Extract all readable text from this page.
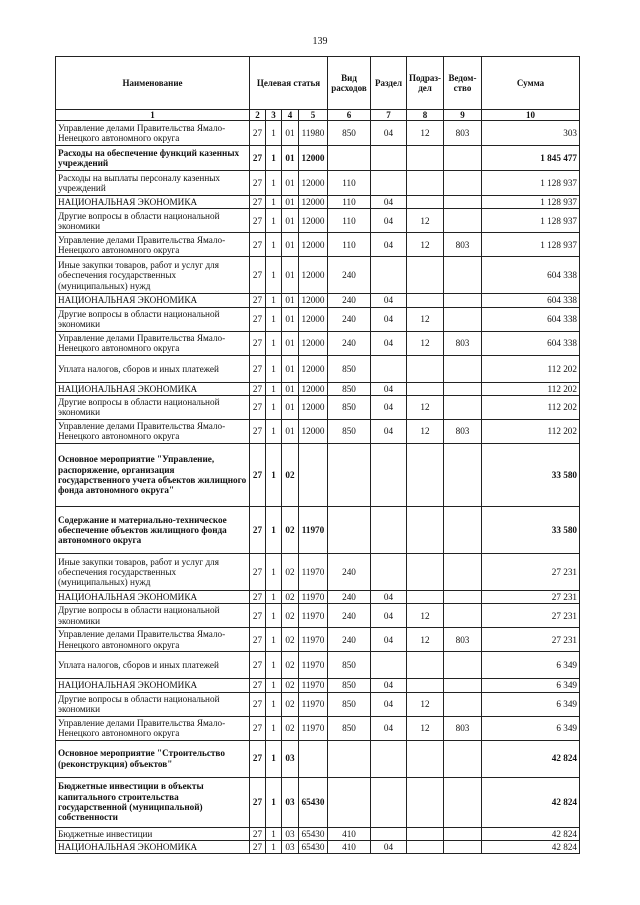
139
Наименование	Целевая статья				Вид расходов	Раздел	Подраз-дел	Ведом-ство	Сумма
1	2	3	4	5	6	7	8	9	10
Управление делами Правительства Ямало-Ненецкого автономного округа	27	1	01	11980	850	04	12	803	303
Расходы на обеспечение функций казенных учреждений	27	1	01	12000					1 845 477
Расходы на выплаты персоналу казенных учреждений	27	1	01	12000	110				1 128 937
НАЦИОНАЛЬНАЯ ЭКОНОМИКА	27	1	01	12000	110	04			1 128 937
Другие вопросы в области национальной экономики	27	1	01	12000	110	04	12		1 128 937
Управление делами Правительства Ямало-Ненецкого автономного округа	27	1	01	12000	110	04	12	803	1 128 937
Иные закупки товаров, работ и услуг для обеспечения государственных (муниципальных) нужд	27	1	01	12000	240				604 338
НАЦИОНАЛЬНАЯ ЭКОНОМИКА	27	1	01	12000	240	04			604 338
Другие вопросы в области национальной экономики	27	1	01	12000	240	04	12		604 338
Управление делами Правительства Ямало-Ненецкого автономного округа	27	1	01	12000	240	04	12	803	604 338
Уплата налогов, сборов и иных платежей	27	1	01	12000	850				112 202
НАЦИОНАЛЬНАЯ ЭКОНОМИКА	27	1	01	12000	850	04			112 202
Другие вопросы в области национальной экономики	27	1	01	12000	850	04	12		112 202
Управление делами Правительства Ямало-Ненецкого автономного округа	27	1	01	12000	850	04	12	803	112 202
Основное мероприятие "Управление, распоряжение, организация государственного учета объектов жилищного фонда автономного округа"	27	1	02						33 580
Содержание и материально-техническое обеспечение объектов жилищного фонда автономного округа	27	1	02	11970					33 580
Иные закупки товаров, работ и услуг для обеспечения государственных (муниципальных) нужд	27	1	02	11970	240				27 231
НАЦИОНАЛЬНАЯ ЭКОНОМИКА	27	1	02	11970	240	04			27 231
Другие вопросы в области национальной экономики	27	1	02	11970	240	04	12		27 231
Управление делами Правительства Ямало-Ненецкого автономного округа	27	1	02	11970	240	04	12	803	27 231
Уплата налогов, сборов и иных платежей	27	1	02	11970	850				6 349
НАЦИОНАЛЬНАЯ ЭКОНОМИКА	27	1	02	11970	850	04			6 349
Другие вопросы в области национальной экономики	27	1	02	11970	850	04	12		6 349
Управление делами Правительства Ямало-Ненецкого автономного округа	27	1	02	11970	850	04	12	803	6 349
Основное мероприятие "Строительство (реконструкция) объектов"	27	1	03						42 824
Бюджетные инвестиции в объекты капитального строительства государственной (муниципальной) собственности	27	1	03	65430					42 824
Бюджетные инвестиции	27	1	03	65430	410				42 824
НАЦИОНАЛЬНАЯ ЭКОНОМИКА	27	1	03	65430	410	04			42 824
